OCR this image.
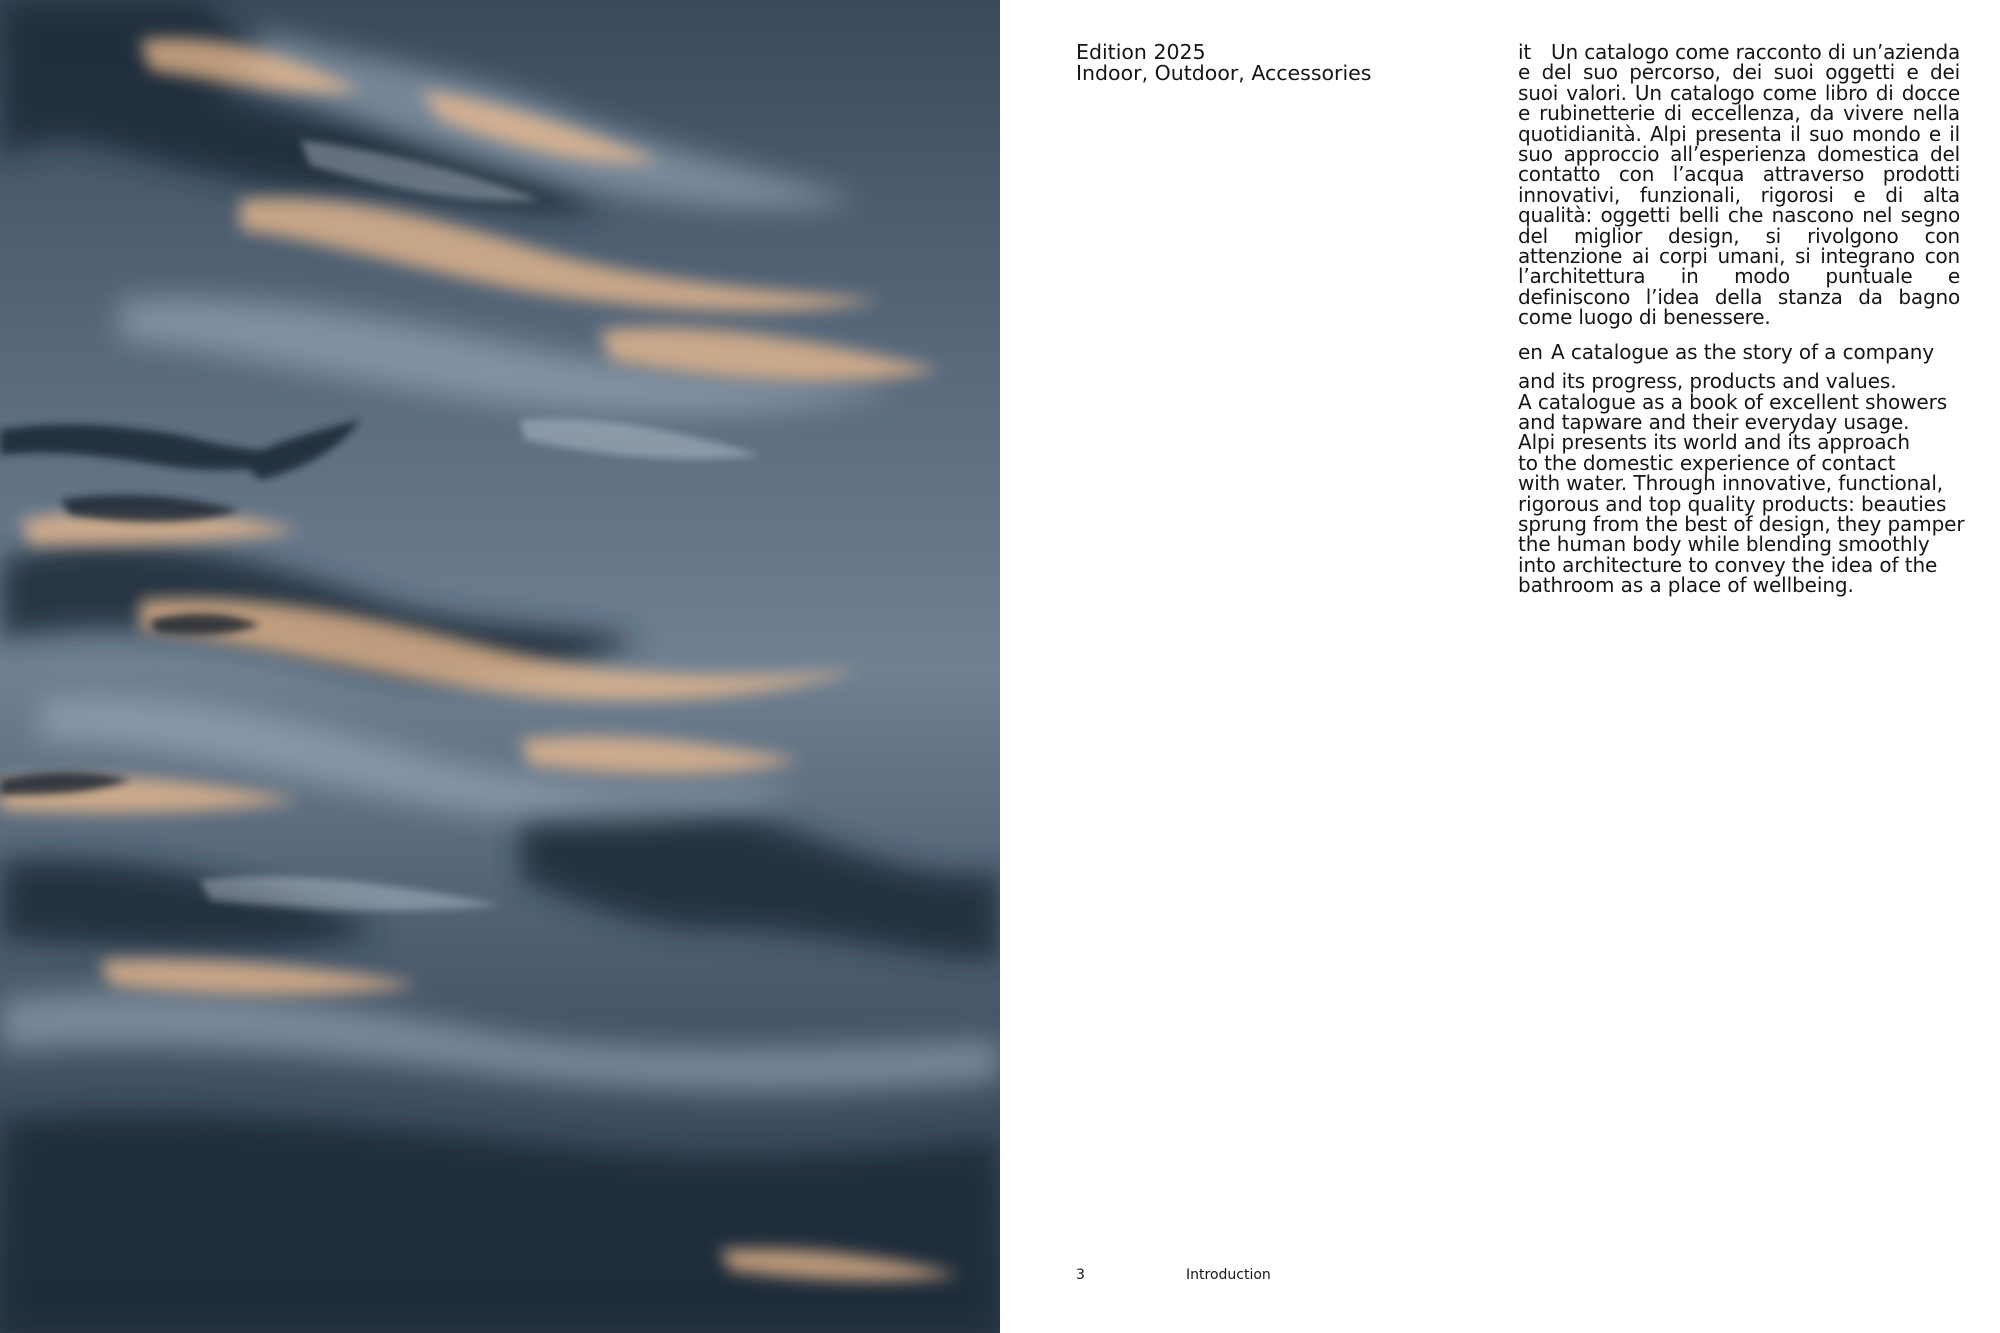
Edition 2025
Indoor, Outdoor, Accessories
it Un catalogo come racconto di un’azienda e del suo percorso, dei suoi oggetti e dei suoi valori. Un catalogo come libro di docce e rubinetterie di eccellenza, da vivere nella quotidianità. Alpi presenta il suo mondo e il suo approccio all’esperienza domestica del contatto con l’acqua attraverso prodotti innovativi, funzionali, rigorosi e di alta qualità: oggetti belli che nascono nel segno del miglior design, si rivolgono con attenzione ai corpi umani, si integrano con l’architettura in modo puntuale e definiscono l’idea della stanza da bagno come luogo di benessere.
en A catalogue as the story of a company
and its progress, products and values.
A catalogue as a book of excellent showers
and tapware and their everyday usage.
Alpi presents its world and its approach
to the domestic experience of contact
with water. Through innovative, functional,
rigorous and top quality products: beauties
sprung from the best of design, they pamper
the human body while blending smoothly
into architecture to convey the idea of the
bathroom as a place of wellbeing.
3	Introduction
